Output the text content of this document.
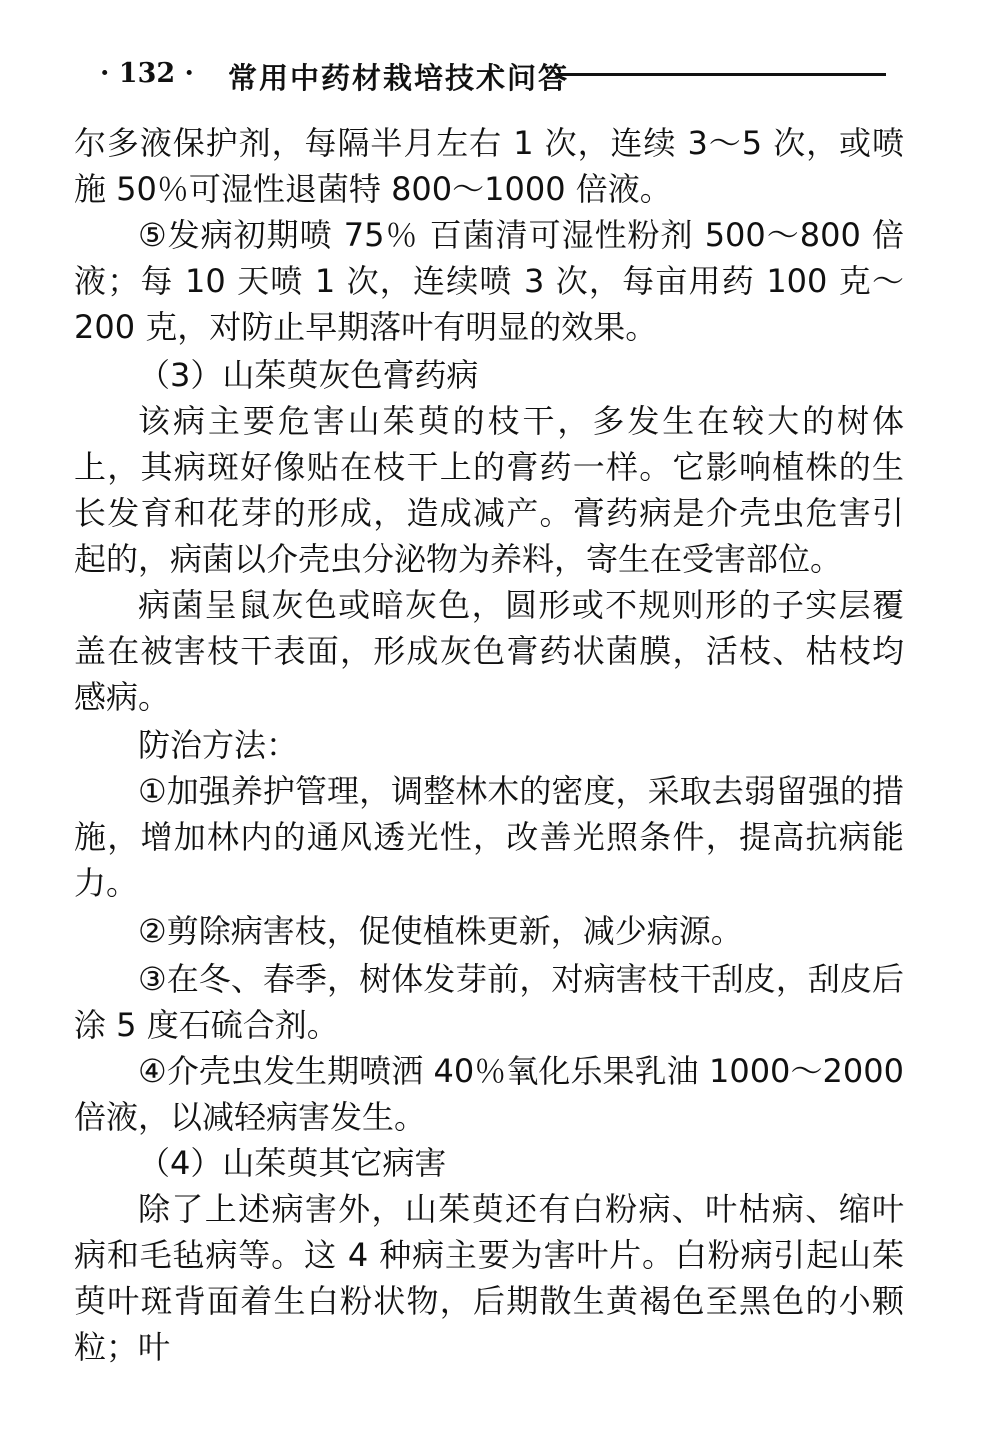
· 132 · 常用中药材栽培技术问答

尔多液保护剂，每隔半月左右 1 次，连续 3～5 次，或喷施 50％可湿性退菌特 800～1000 倍液。

⑤发病初期喷 75％ 百菌清可湿性粉剂 500～800 倍液；每 10 天喷 1 次，连续喷 3 次，每亩用药 100 克～200 克，对防止早期落叶有明显的效果。

（3）山茱萸灰色膏药病

该病主要危害山茱萸的枝干，多发生在较大的树体上，其病斑好像贴在枝干上的膏药一样。它影响植株的生长发育和花芽的形成，造成减产。膏药病是介壳虫危害引起的，病菌以介壳虫分泌物为养料，寄生在受害部位。

病菌呈鼠灰色或暗灰色，圆形或不规则形的子实层覆盖在被害枝干表面，形成灰色膏药状菌膜，活枝、枯枝均感病。

防治方法：

①加强养护管理，调整林木的密度，采取去弱留强的措施，增加林内的通风透光性，改善光照条件，提高抗病能力。

②剪除病害枝，促使植株更新，减少病源。

③在冬、春季，树体发芽前，对病害枝干刮皮，刮皮后涂 5 度石硫合剂。

④介壳虫发生期喷洒 40％氧化乐果乳油 1000～2000 倍液，以减轻病害发生。

（4）山茱萸其它病害

除了上述病害外，山茱萸还有白粉病、叶枯病、缩叶病和毛毡病等。这 4 种病主要为害叶片。白粉病引起山茱萸叶斑背面着生白粉状物，后期散生黄褐色至黑色的小颗粒；叶
